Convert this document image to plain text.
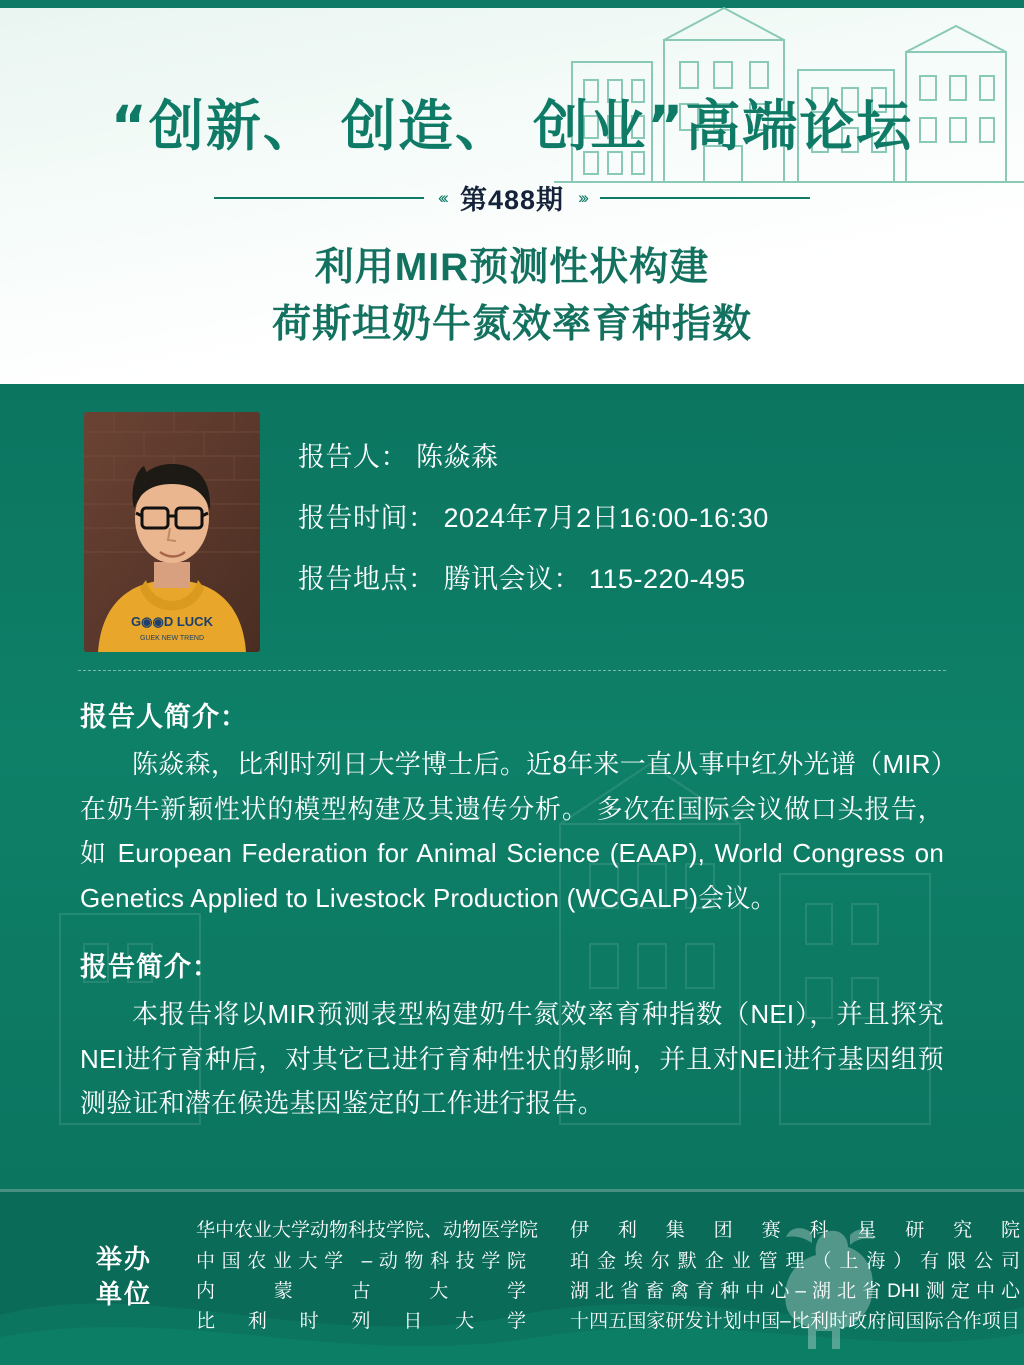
“创新、 创造、 创业”高端论坛
‹‹‹ 第488期 ›››
利用MIR预测性状构建
荷斯坦奶牛氮效率育种指数
G◉◉D LUCK
GUEK NEW TREND
报告人： 陈焱森
报告时间： 2024年7月2日16:00-16:30
报告地点： 腾讯会议： 115-220-495
报告人简介：
陈焱森，比利时列日大学博士后。近8年来一直从事中红外光谱（MIR）在奶牛新颖性状的模型构建及其遗传分析。 多次在国际会议做口头报告， 如 European Federation for Animal Science (EAAP), World Congress on Genetics Applied to Livestock Production (WCGALP)会议。
报告简介：
本报告将以MIR预测表型构建奶牛氮效率育种指数（NEI），并且探究NEI进行育种后，对其它已进行育种性状的影响，并且对NEI进行基因组预测验证和潜在候选基因鉴定的工作进行报告。
举办
单位
华中农业大学动物科技学院、动物医学院
中国农业大学 –动物科技学院
内蒙古大学
比利时列日大学
伊利集团赛科星研究院
珀金埃尔默企业管理（上海）有限公司
湖北省畜禽育种中心–湖北省DHI测定中心
十四五国家研发计划中国–比利时政府间国际合作项目
